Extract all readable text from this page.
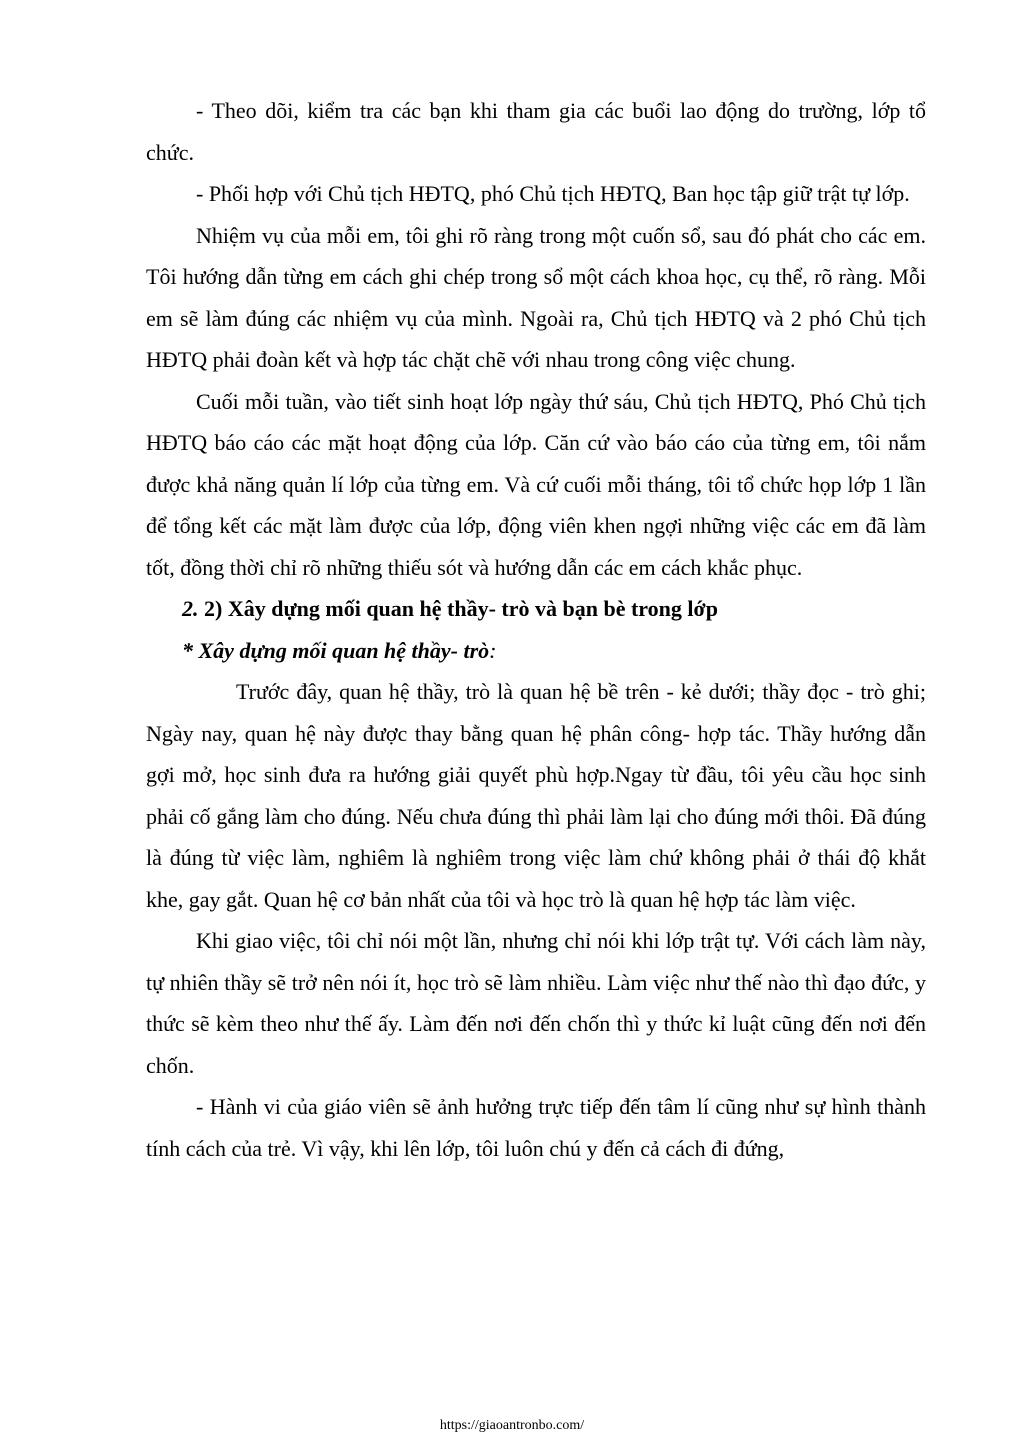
- Theo dõi, kiểm tra các bạn khi tham gia các buổi lao động do trường, lớp tổ chức.

- Phối hợp với Chủ tịch HĐTQ, phó Chủ tịch HĐTQ, Ban học tập giữ trật tự lớp.

Nhiệm vụ của mỗi em, tôi ghi rõ ràng trong một cuốn sổ, sau đó phát cho các em. Tôi hướng dẫn từng em cách ghi chép trong sổ một cách khoa học, cụ thể, rõ ràng. Mỗi em sẽ làm đúng các nhiệm vụ của mình. Ngoài ra, Chủ tịch HĐTQ và 2 phó Chủ tịch HĐTQ phải đoàn kết và hợp tác chặt chẽ với nhau trong công việc chung.

Cuối mỗi tuần, vào tiết sinh hoạt lớp ngày thứ sáu, Chủ tịch HĐTQ, Phó Chủ tịch HĐTQ báo cáo các mặt hoạt động của lớp. Căn cứ vào báo cáo của từng em, tôi nắm được khả năng quản lí lớp của từng em. Và cứ cuối mỗi tháng, tôi tổ chức họp lớp 1 lần để tổng kết các mặt làm được của lớp, động viên khen ngợi những việc các em đã làm tốt, đồng thời chỉ rõ những thiếu sót và hướng dẫn các em cách khắc phục.

2. 2) Xây dựng mối quan hệ thầy- trò và bạn bè trong lớp

* Xây dựng mối quan hệ thầy- trò:

Trước đây, quan hệ thầy, trò là quan hệ bề trên - kẻ dưới; thầy đọc - trò ghi; Ngày nay, quan hệ này được thay bằng quan hệ phân công- hợp tác. Thầy hướng dẫn gợi mở, học sinh đưa ra hướng giải quyết phù hợp.Ngay từ đầu, tôi yêu cầu học sinh phải cố gắng làm cho đúng. Nếu chưa đúng thì phải làm lại cho đúng mới thôi. Đã đúng là đúng từ việc làm, nghiêm là nghiêm trong việc làm chứ không phải ở thái độ khắt khe, gay gắt. Quan hệ cơ bản nhất của tôi và học trò là quan hệ hợp tác làm việc.

Khi giao việc, tôi chỉ nói một lần, nhưng chỉ nói khi lớp trật tự. Với cách làm này, tự nhiên thầy sẽ trở nên nói ít, học trò sẽ làm nhiều. Làm việc như thế nào thì đạo đức, y thức sẽ kèm theo như thế ấy. Làm đến nơi đến chốn thì y thức kỉ luật cũng đến nơi đến chốn.

- Hành vi của giáo viên sẽ ảnh hưởng trực tiếp đến tâm lí cũng như sự hình thành tính cách của trẻ. Vì vậy, khi lên lớp, tôi luôn chú y đến cả cách đi đứng,

https://giaoantronbo.com/
